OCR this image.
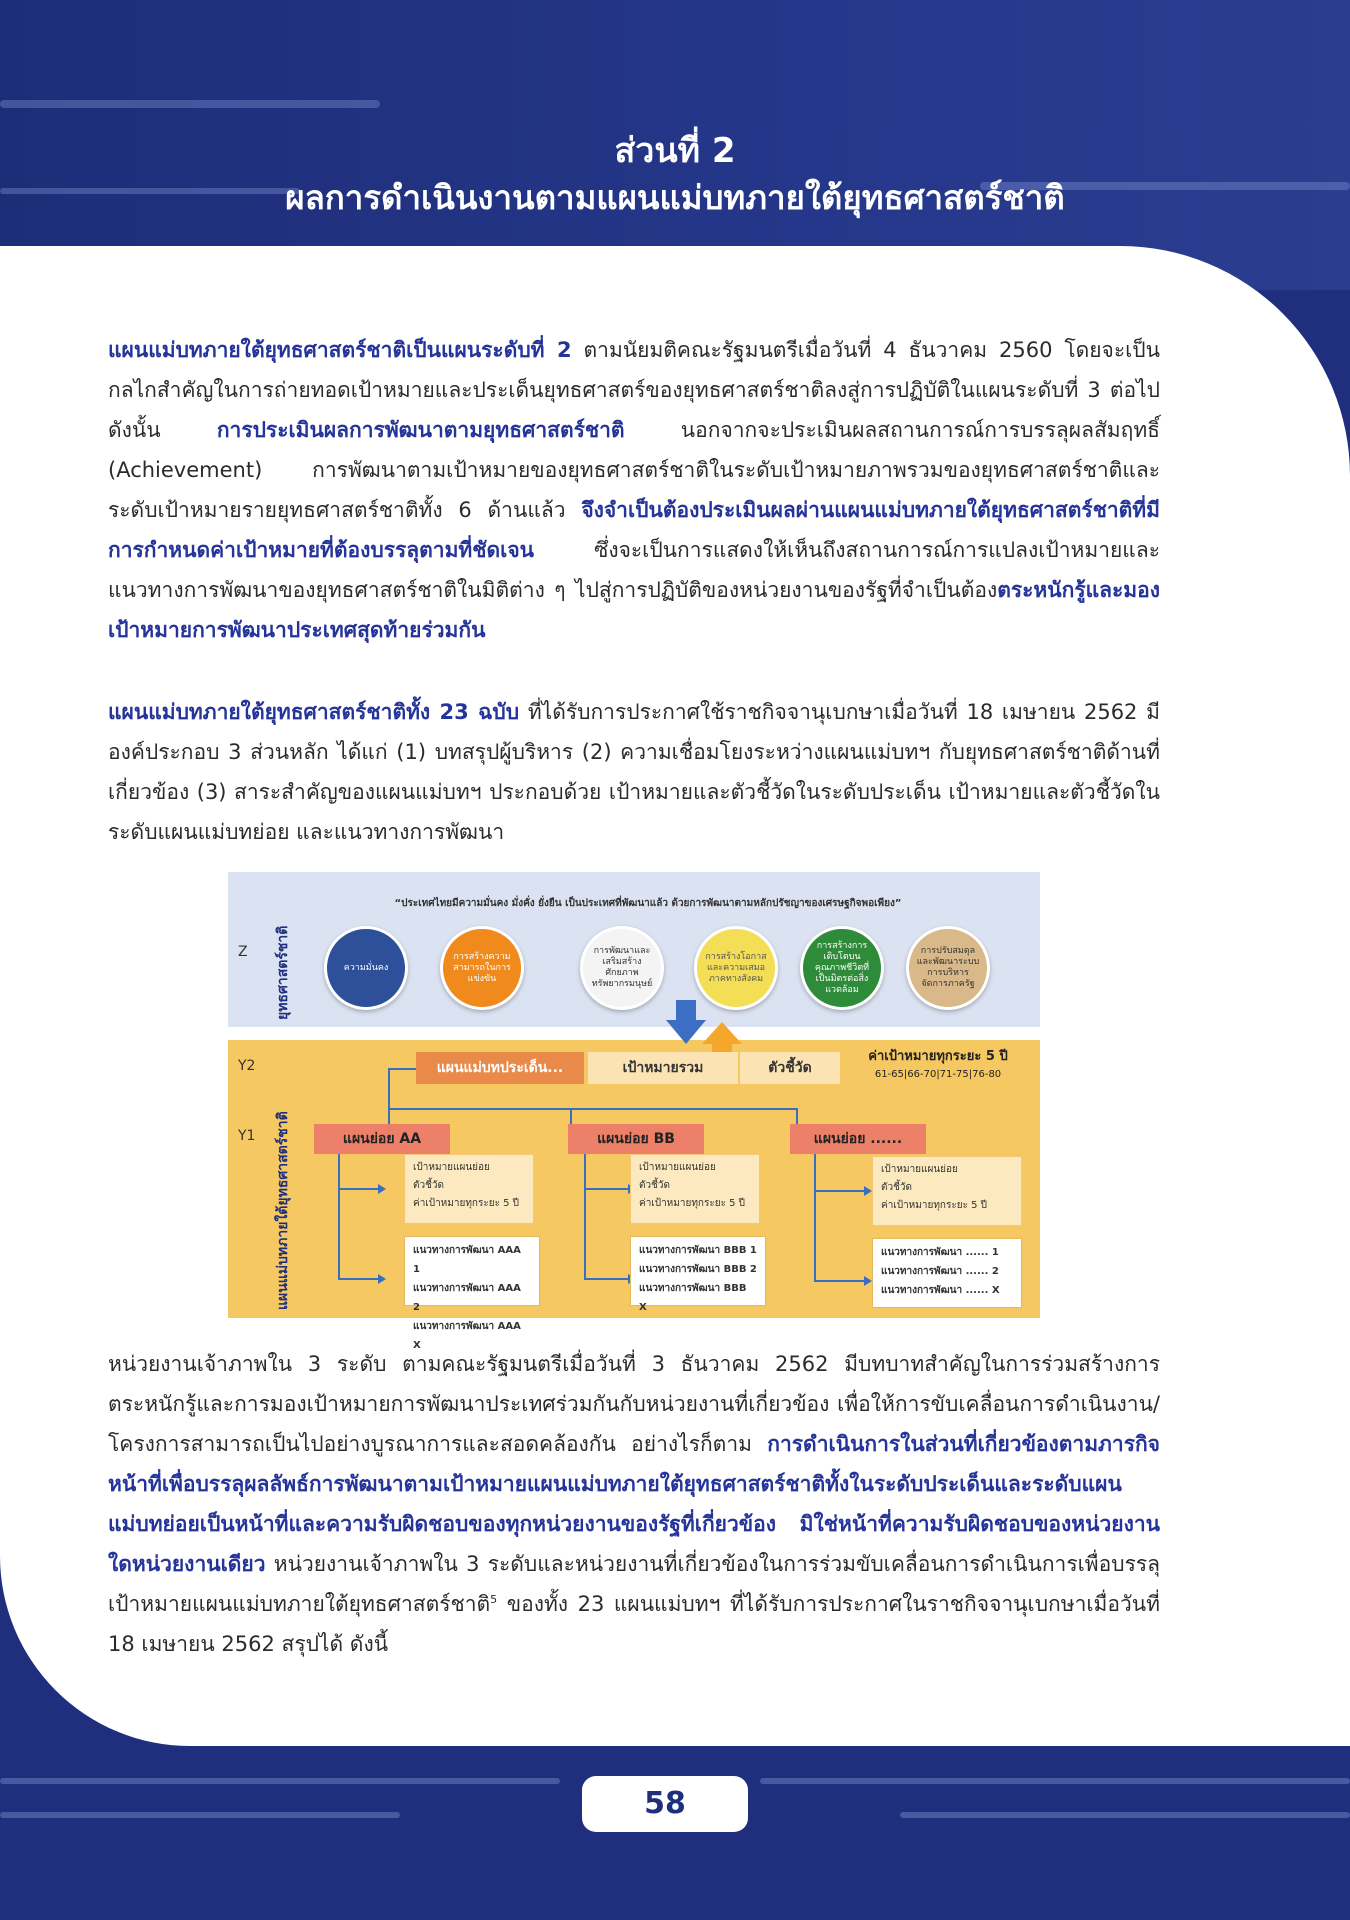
ส่วนที่ 2
ผลการดำเนินงานตามแผนแม่บทภายใต้ยุทธศาสตร์ชาติ

แผนแม่บทภายใต้ยุทธศาสตร์ชาติเป็นแผนระดับที่ 2 ตามนัยมติคณะรัฐมนตรีเมื่อวันที่ 4 ธันวาคม 2560 โดยจะเป็นกลไกสำคัญในการถ่ายทอดเป้าหมายและประเด็นยุทธศาสตร์ของยุทธศาสตร์ชาติลงสู่การปฏิบัติในแผนระดับที่ 3 ต่อไป ดังนั้น การประเมินผลการพัฒนาตามยุทธศาสตร์ชาติ นอกจากจะประเมินผลสถานการณ์การบรรลุผลสัมฤทธิ์ (Achievement) การพัฒนาตามเป้าหมายของยุทธศาสตร์ชาติในระดับเป้าหมายภาพรวมของยุทธศาสตร์ชาติและระดับเป้าหมายรายยุทธศาสตร์ชาติทั้ง 6 ด้านแล้ว จึงจำเป็นต้องประเมินผลผ่านแผนแม่บทภายใต้ยุทธศาสตร์ชาติที่มีการกำหนดค่าเป้าหมายที่ต้องบรรลุตามที่ชัดเจน ซึ่งจะเป็นการแสดงให้เห็นถึงสถานการณ์การแปลงเป้าหมายและแนวทางการพัฒนาของยุทธศาสตร์ชาติในมิติต่าง ๆ ไปสู่การปฏิบัติของหน่วยงานของรัฐที่จำเป็นต้องตระหนักรู้และมองเป้าหมายการพัฒนาประเทศสุดท้ายร่วมกัน

แผนแม่บทภายใต้ยุทธศาสตร์ชาติทั้ง 23 ฉบับ ที่ได้รับการประกาศใช้ราชกิจจานุเบกษาเมื่อวันที่ 18 เมษายน 2562 มีองค์ประกอบ 3 ส่วนหลัก ได้แก่ (1) บทสรุปผู้บริหาร (2) ความเชื่อมโยงระหว่างแผนแม่บทฯ กับยุทธศาสตร์ชาติด้านที่เกี่ยวข้อง (3) สาระสำคัญของแผนแม่บทฯ ประกอบด้วย เป้าหมายและตัวชี้วัดในระดับประเด็น เป้าหมายและตัวชี้วัดในระดับแผนแม่บทย่อย และแนวทางการพัฒนา

ยุทธศาสตร์ชาติ
แผนแม่บทภายใต้ยุทธศาสตร์ชาติ
Z
Y2
Y1
“ประเทศไทยมีความมั่นคง มั่งคั่ง ยั่งยืน เป็นประเทศที่พัฒนาแล้ว ด้วยการพัฒนาตามหลักปรัชญาของเศรษฐกิจพอเพียง”
ความมั่นคง
การสร้างความสามารถในการแข่งขัน
การพัฒนาและเสริมสร้างศักยภาพทรัพยากรมนุษย์
การสร้างโอกาสและความเสมอภาคทางสังคม
การสร้างการเติบโตบนคุณภาพชีวิตที่เป็นมิตรต่อสิ่งแวดล้อม
การปรับสมดุลและพัฒนาระบบการบริหารจัดการภาครัฐ
แผนแม่บทประเด็น...	เป้าหมายรวม	ตัวชี้วัด
ค่าเป้าหมายทุกระยะ 5 ปี
61-65|66-70|71-75|76-80
แผนย่อย AA
เป้าหมายแผนย่อย
ตัวชี้วัด
ค่าเป้าหมายทุกระยะ 5 ปี
แนวทางการพัฒนา AAA 1
แนวทางการพัฒนา AAA 2
แนวทางการพัฒนา AAA X
แผนย่อย BB
เป้าหมายแผนย่อย
ตัวชี้วัด
ค่าเป้าหมายทุกระยะ 5 ปี
แนวทางการพัฒนา BBB 1
แนวทางการพัฒนา BBB 2
แนวทางการพัฒนา BBB X
แผนย่อย ......
เป้าหมายแผนย่อย
ตัวชี้วัด
ค่าเป้าหมายทุกระยะ 5 ปี
แนวทางการพัฒนา ...... 1
แนวทางการพัฒนา ...... 2
แนวทางการพัฒนา ...... X

หน่วยงานเจ้าภาพใน 3 ระดับ ตามคณะรัฐมนตรีเมื่อวันที่ 3 ธันวาคม 2562 มีบทบาทสำคัญในการร่วมสร้างการตระหนักรู้และการมองเป้าหมายการพัฒนาประเทศร่วมกันกับหน่วยงานที่เกี่ยวข้อง เพื่อให้การขับเคลื่อนการดำเนินงาน/โครงการสามารถเป็นไปอย่างบูรณาการและสอดคล้องกัน อย่างไรก็ตาม การดำเนินการในส่วนที่เกี่ยวข้องตามภารกิจหน้าที่เพื่อบรรลุผลลัพธ์การพัฒนาตามเป้าหมายแผนแม่บทภายใต้ยุทธศาสตร์ชาติทั้งในระดับประเด็นและระดับแผนแม่บทย่อยเป็นหน้าที่และความรับผิดชอบของทุกหน่วยงานของรัฐที่เกี่ยวข้อง มิใช่หน้าที่ความรับผิดชอบของหน่วยงานใดหน่วยงานเดียว หน่วยงานเจ้าภาพใน 3 ระดับและหน่วยงานที่เกี่ยวข้องในการร่วมขับเคลื่อนการดำเนินการเพื่อบรรลุเป้าหมายแผนแม่บทภายใต้ยุทธศาสตร์ชาติ$^5$ ของทั้ง 23 แผนแม่บทฯ ที่ได้รับการประกาศในราชกิจจานุเบกษาเมื่อวันที่ 18 เมษายน 2562 สรุปได้ ดังนี้

58
